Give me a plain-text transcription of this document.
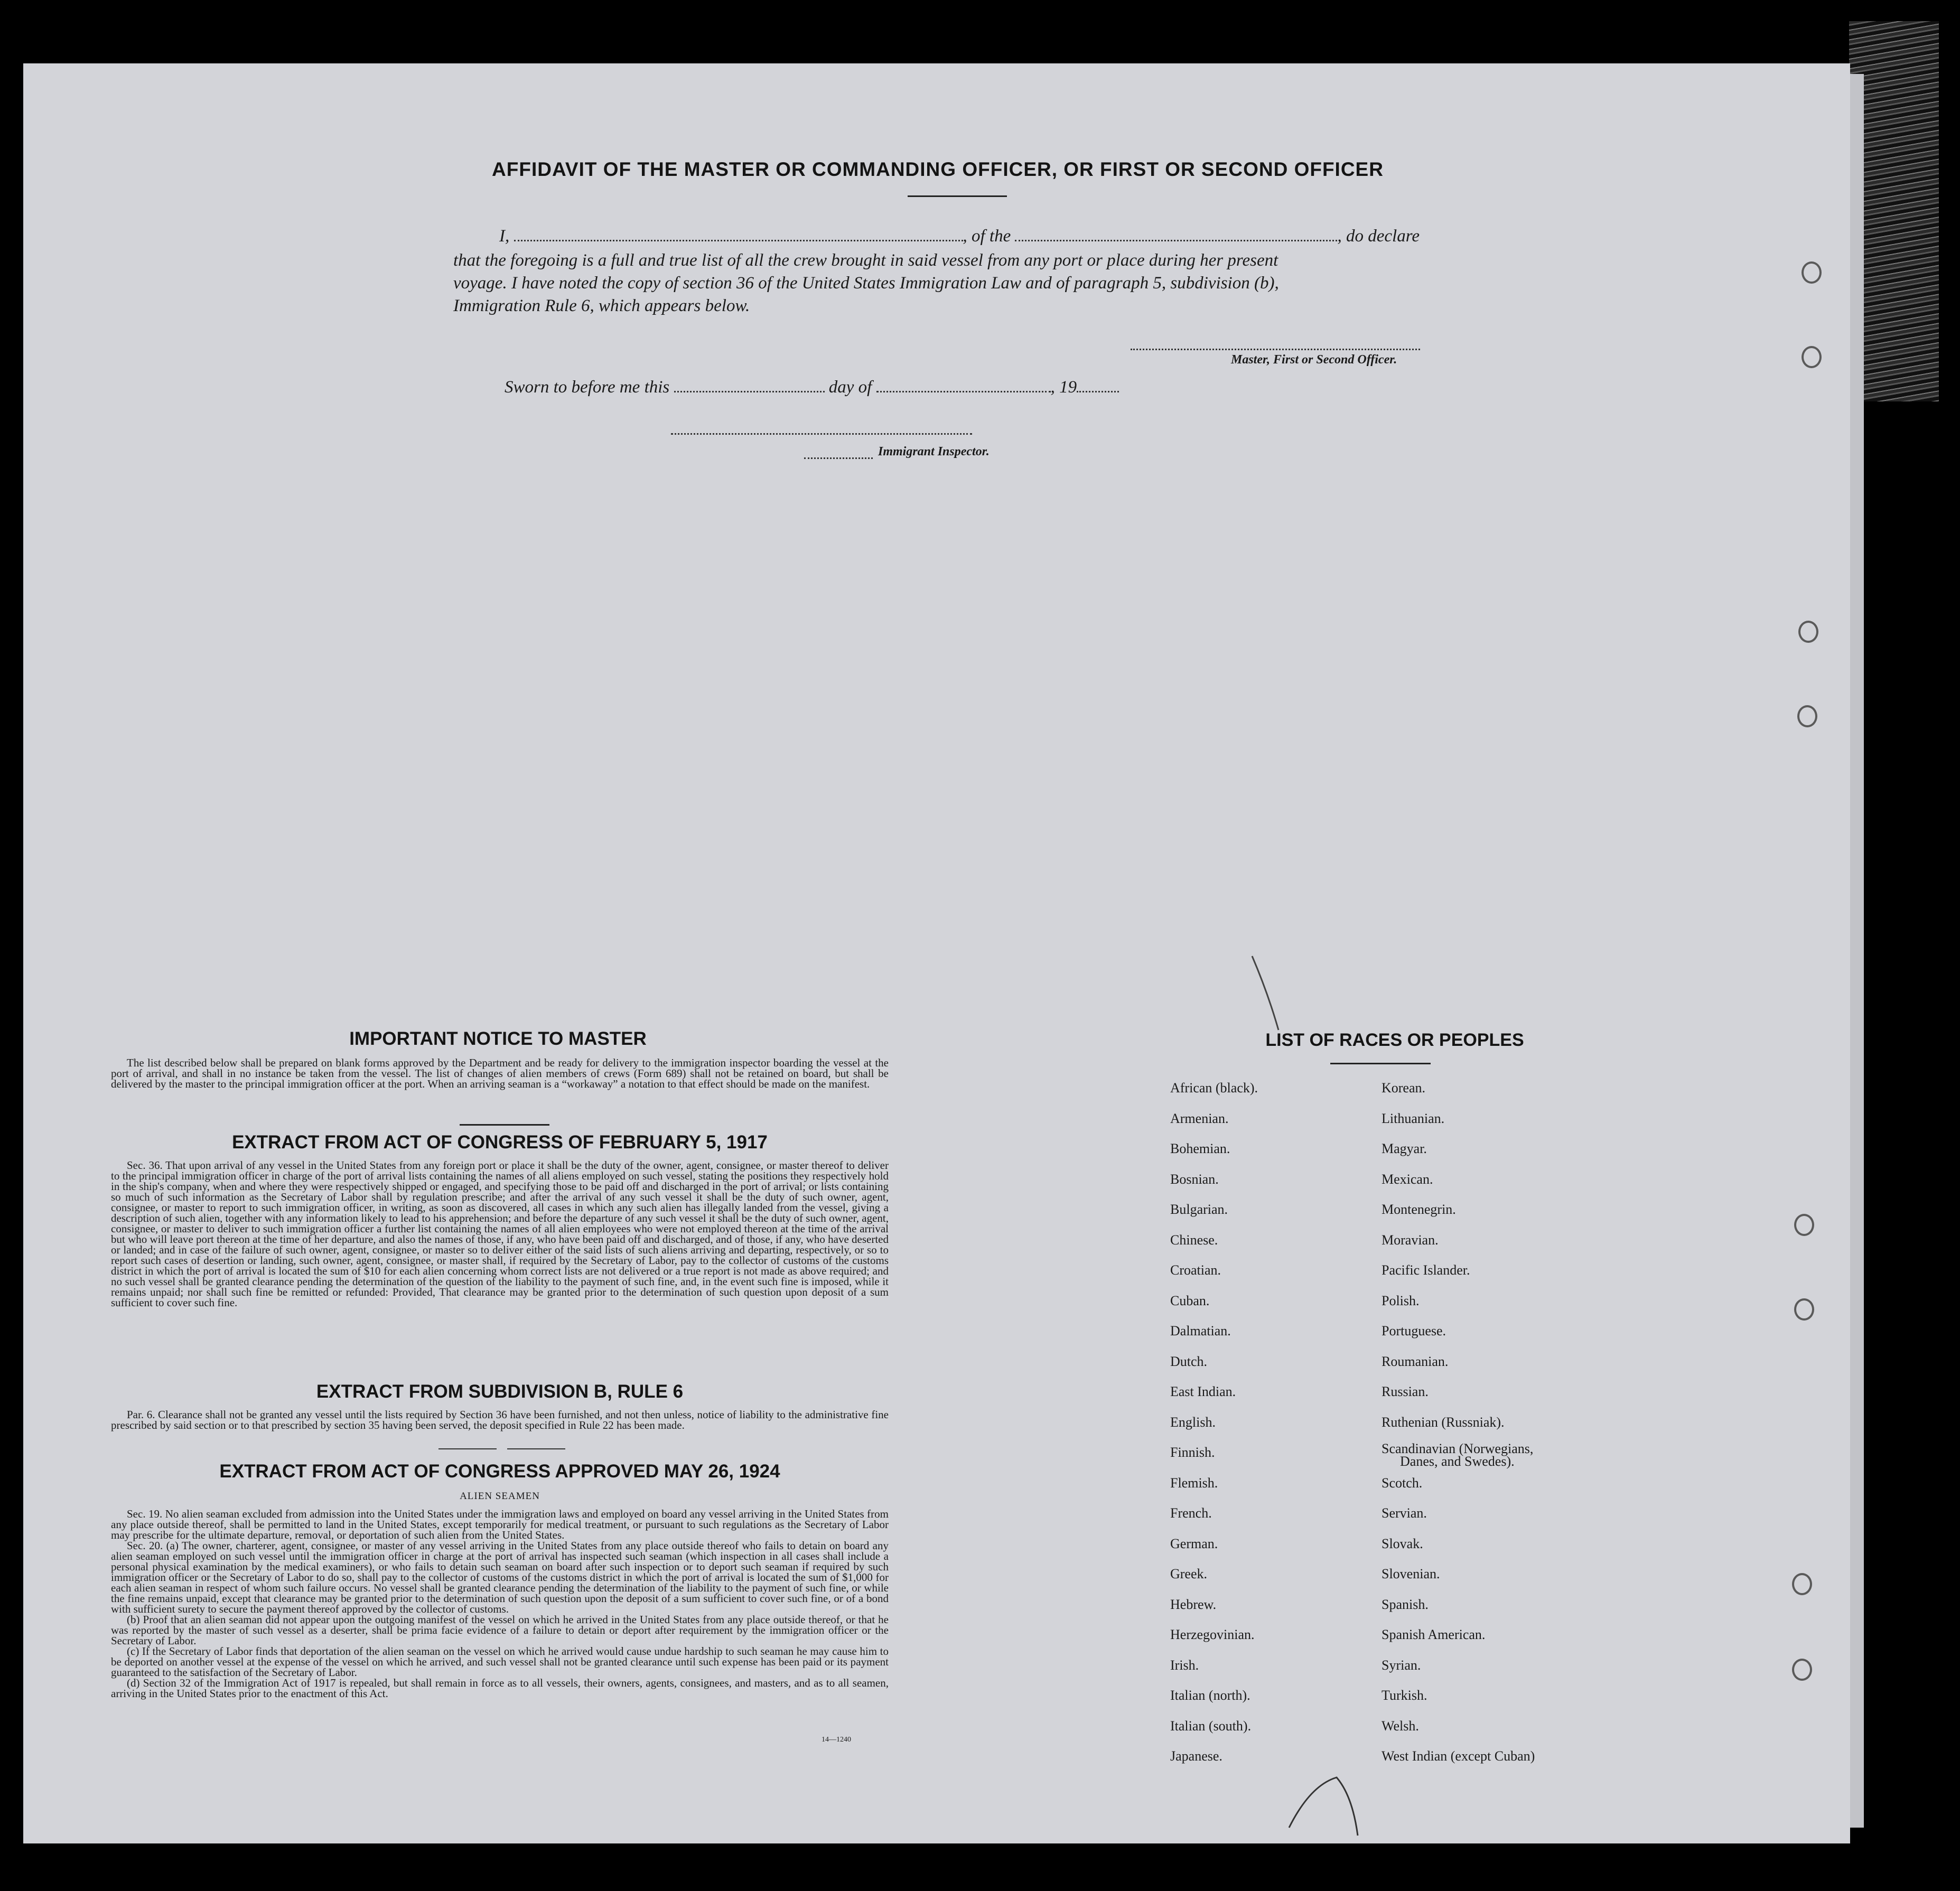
AFFIDAVIT OF THE MASTER OR COMMANDING OFFICER, OR FIRST OR SECOND OFFICER
I,	, of the	, do declare
that the foregoing is a full and true list of all the crew brought in said vessel from any port or place during her present
voyage. I have noted the copy of section 36 of the United States Immigration Law and of paragraph 5, subdivision (b),
Immigration Rule 6, which appears below.
Master, First or Second Officer.
Sworn to before me this	day of	, 19
Immigrant Inspector.
IMPORTANT NOTICE TO MASTER

The list described below shall be prepared on blank forms approved by the Department and be ready for delivery to the immigration inspector boarding the vessel at the port of arrival, and shall in no instance be taken from the vessel. The list of changes of alien members of crews (Form 689) shall not be retained on board, but shall be delivered by the master to the principal immigration officer at the port. When an arriving seaman is a “workaway” a notation to that effect should be made on the manifest.

EXTRACT FROM ACT OF CONGRESS OF FEBRUARY 5, 1917

Sec. 36. That upon arrival of any vessel in the United States from any foreign port or place it shall be the duty of the owner, agent, consignee, or master thereof to deliver to the principal immigration officer in charge of the port of arrival lists containing the names of all aliens employed on such vessel, stating the positions they respectively hold in the ship's company, when and where they were respectively shipped or engaged, and specifying those to be paid off and discharged in the port of arrival; or lists containing so much of such information as the Secretary of Labor shall by regulation prescribe; and after the arrival of any such vessel it shall be the duty of such owner, agent, consignee, or master to report to such immigration officer, in writing, as soon as discovered, all cases in which any such alien has illegally landed from the vessel, giving a description of such alien, together with any information likely to lead to his apprehension; and before the departure of any such vessel it shall be the duty of such owner, agent, consignee, or master to deliver to such immigration officer a further list containing the names of all alien employees who were not employed thereon at the time of the arrival but who will leave port thereon at the time of her departure, and also the names of those, if any, who have been paid off and discharged, and of those, if any, who have deserted or landed; and in case of the failure of such owner, agent, consignee, or master so to deliver either of the said lists of such aliens arriving and departing, respectively, or so to report such cases of desertion or landing, such owner, agent, consignee, or master shall, if required by the Secretary of Labor, pay to the collector of customs of the customs district in which the port of arrival is located the sum of $10 for each alien concerning whom correct lists are not delivered or a true report is not made as above required; and no such vessel shall be granted clearance pending the determination of the question of the liability to the payment of such fine, and, in the event such fine is imposed, while it remains unpaid; nor shall such fine be remitted or refunded: Provided, That clearance may be granted prior to the determination of such question upon deposit of a sum sufficient to cover such fine.

EXTRACT FROM SUBDIVISION B, RULE 6

Par. 6. Clearance shall not be granted any vessel until the lists required by Section 36 have been furnished, and not then unless, notice of liability to the administrative fine prescribed by said section or to that prescribed by section 35 having been served, the deposit specified in Rule 22 has been made.

EXTRACT FROM ACT OF CONGRESS APPROVED MAY 26, 1924
ALIEN SEAMEN

Sec. 19. No alien seaman excluded from admission into the United States under the immigration laws and employed on board any vessel arriving in the United States from any place outside thereof, shall be permitted to land in the United States, except temporarily for medical treatment, or pursuant to such regulations as the Secretary of Labor may prescribe for the ultimate departure, removal, or deportation of such alien from the United States.

Sec. 20. (a) The owner, charterer, agent, consignee, or master of any vessel arriving in the United States from any place outside thereof who fails to detain on board any alien seaman employed on such vessel until the immigration officer in charge at the port of arrival has inspected such seaman (which inspection in all cases shall include a personal physical examination by the medical examiners), or who fails to detain such seaman on board after such inspection or to deport such seaman if required by such immigration officer or the Secretary of Labor to do so, shall pay to the collector of customs of the customs district in which the port of arrival is located the sum of $1,000 for each alien seaman in respect of whom such failure occurs. No vessel shall be granted clearance pending the determination of the liability to the payment of such fine, or while the fine remains unpaid, except that clearance may be granted prior to the determination of such question upon the deposit of a sum sufficient to cover such fine, or of a bond with sufficient surety to secure the payment thereof approved by the collector of customs.

(b) Proof that an alien seaman did not appear upon the outgoing manifest of the vessel on which he arrived in the United States from any place outside thereof, or that he was reported by the master of such vessel as a deserter, shall be prima facie evidence of a failure to detain or deport after requirement by the immigration officer or the Secretary of Labor.

(c) If the Secretary of Labor finds that deportation of the alien seaman on the vessel on which he arrived would cause undue hardship to such seaman he may cause him to be deported on another vessel at the expense of the vessel on which he arrived, and such vessel shall not be granted clearance until such expense has been paid or its payment guaranteed to the satisfaction of the Secretary of Labor.

(d) Section 32 of the Immigration Act of 1917 is repealed, but shall remain in force as to all vessels, their owners, agents, consignees, and masters, and as to all seamen, arriving in the United States prior to the enactment of this Act.

14—1240
LIST OF RACES OR PEOPLES
African (black).
Armenian.
Bohemian.
Bosnian.
Bulgarian.
Chinese.
Croatian.
Cuban.
Dalmatian.
Dutch.
East Indian.
English.
Finnish.
Flemish.
French.
German.
Greek.
Hebrew.
Herzegovinian.
Irish.
Italian (north).
Italian (south).
Japanese.
Korean.
Lithuanian.
Magyar.
Mexican.
Montenegrin.
Moravian.
Pacific Islander.
Polish.
Portuguese.
Roumanian.
Russian.
Ruthenian (Russniak).
Scandinavian (Norwegians,
Danes, and Swedes).
Scotch.
Servian.
Slovak.
Slovenian.
Spanish.
Spanish American.
Syrian.
Turkish.
Welsh.
West Indian (except Cuban)
